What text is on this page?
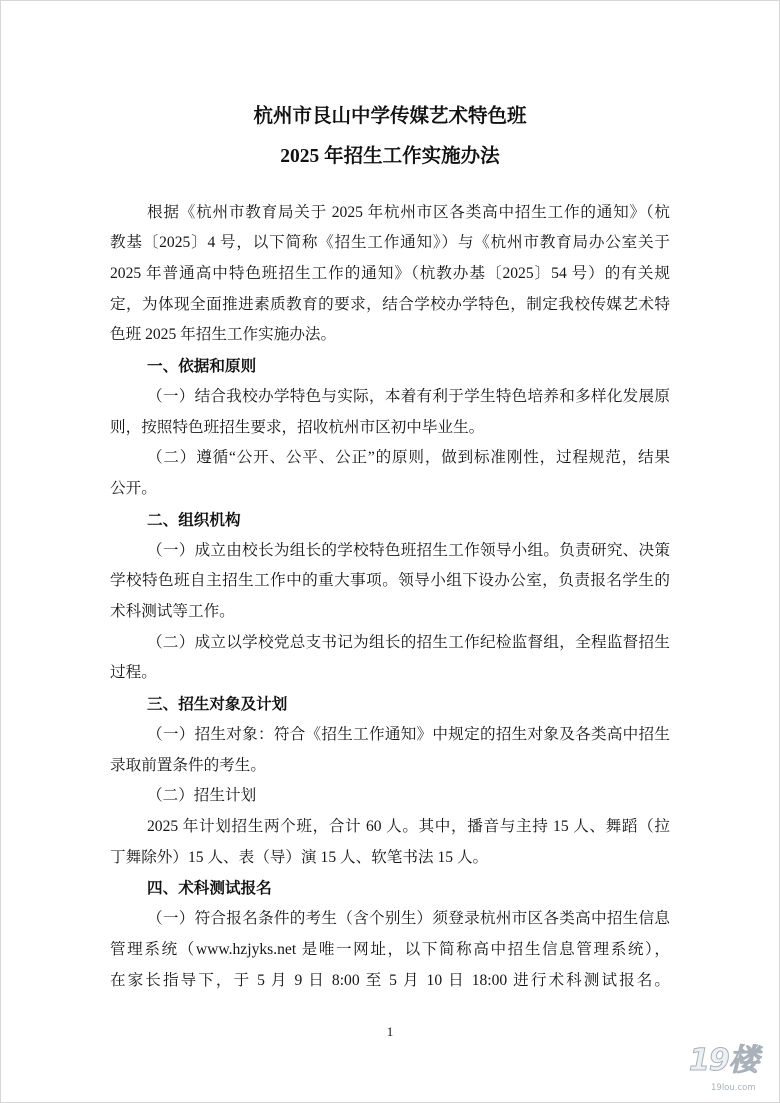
杭州市艮山中学传媒艺术特色班
2025 年招生工作实施办法
根据《杭州市教育局关于 2025 年杭州市区各类高中招生工作的通知》（杭
教基〔2025〕4 号，以下简称《招生工作通知》）与《杭州市教育局办公室关于
2025 年普通高中特色班招生工作的通知》（杭教办基〔2025〕54 号）的有关规
定，为体现全面推进素质教育的要求，结合学校办学特色，制定我校传媒艺术特
色班 2025 年招生工作实施办法。
一、依据和原则
（一）结合我校办学特色与实际，本着有利于学生特色培养和多样化发展原
则，按照特色班招生要求，招收杭州市区初中毕业生。
（二）遵循“公开、公平、公正”的原则，做到标准刚性，过程规范，结果
公开。
二、组织机构
（一）成立由校长为组长的学校特色班招生工作领导小组。负责研究、决策
学校特色班自主招生工作中的重大事项。领导小组下设办公室，负责报名学生的
术科测试等工作。
（二）成立以学校党总支书记为组长的招生工作纪检监督组，全程监督招生
过程。
三、招生对象及计划
（一）招生对象：符合《招生工作通知》中规定的招生对象及各类高中招生
录取前置条件的考生。
（二）招生计划
2025 年计划招生两个班，合计 60 人。其中，播音与主持 15 人、舞蹈（拉
丁舞除外）15 人、表（导）演 15 人、软笔书法 15 人。
四、术科测试报名
（一）符合报名条件的考生（含个别生）须登录杭州市区各类高中招生信息
管理系统（www.hzjyks.net 是唯一网址，以下简称高中招生信息管理系统），
在家长指导下，于 5 月 9 日 8:00 至 5 月 10 日 18:00 进行术科测试报名。
1
19楼
19lou.com
